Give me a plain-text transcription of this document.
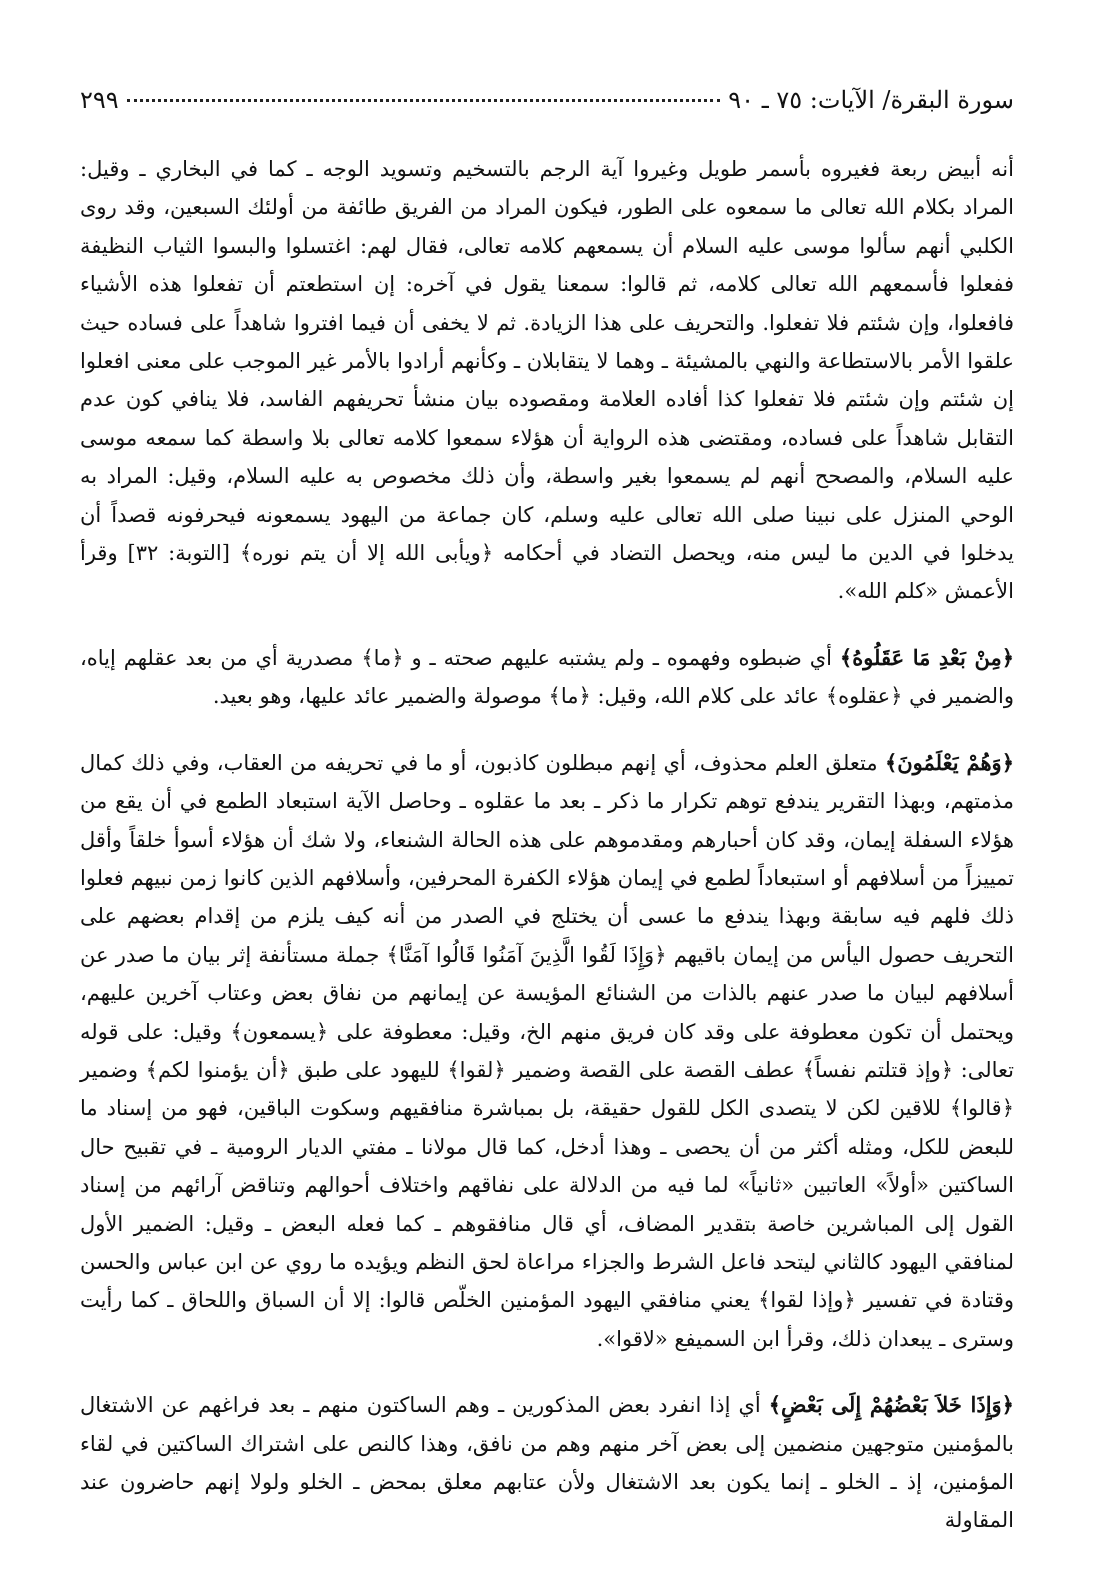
سورة البقرة/ الآيات: ٧٥ ـ ٩٠
٢٩٩

أنه أبيض ربعة فغيروه بأسمر طويل وغيروا آية الرجم بالتسخيم وتسويد الوجه ـ كما في البخاري ـ وقيل: المراد بكلام الله تعالى ما سمعوه على الطور، فيكون المراد من الفريق طائفة من أولئك السبعين، وقد روى الكلبي أنهم سألوا موسى عليه السلام أن يسمعهم كلامه تعالى، فقال لهم: اغتسلوا والبسوا الثياب النظيفة ففعلوا فأسمعهم الله تعالى كلامه، ثم قالوا: سمعنا يقول في آخره: إن استطعتم أن تفعلوا هذه الأشياء فافعلوا، وإن شئتم فلا تفعلوا. والتحريف على هذا الزيادة. ثم لا يخفى أن فيما افتروا شاهداً على فساده حيث علقوا الأمر بالاستطاعة والنهي بالمشيئة ـ وهما لا يتقابلان ـ وكأنهم أرادوا بالأمر غير الموجب على معنى افعلوا إن شئتم وإن شئتم فلا تفعلوا كذا أفاده العلامة ومقصوده بيان منشأ تحريفهم الفاسد، فلا ينافي كون عدم التقابل شاهداً على فساده، ومقتضى هذه الرواية أن هؤلاء سمعوا كلامه تعالى بلا واسطة كما سمعه موسى عليه السلام، والمصحح أنهم لم يسمعوا بغير واسطة، وأن ذلك مخصوص به عليه السلام، وقيل: المراد به الوحي المنزل على نبينا صلى الله تعالى عليه وسلم، كان جماعة من اليهود يسمعونه فيحرفونه قصداً أن يدخلوا في الدين ما ليس منه، ويحصل التضاد في أحكامه ﴿ويأبى الله إلا أن يتم نوره﴾ [التوبة: ٣٢] وقرأ الأعمش «كلم الله».

﴿مِنْ بَعْدِ مَا عَقَلُوهُ﴾ أي ضبطوه وفهموه ـ ولم يشتبه عليهم صحته ـ و ﴿ما﴾ مصدرية أي من بعد عقلهم إياه، والضمير في ﴿عقلوه﴾ عائد على كلام الله، وقيل: ﴿ما﴾ موصولة والضمير عائد عليها، وهو بعيد.

﴿وَهُمْ يَعْلَمُونَ﴾ متعلق العلم محذوف، أي إنهم مبطلون كاذبون، أو ما في تحريفه من العقاب، وفي ذلك كمال مذمتهم، وبهذا التقرير يندفع توهم تكرار ما ذكر ـ بعد ما عقلوه ـ وحاصل الآية استبعاد الطمع في أن يقع من هؤلاء السفلة إيمان، وقد كان أحبارهم ومقدموهم على هذه الحالة الشنعاء، ولا شك أن هؤلاء أسوأ خلقاً وأقل تمييزاً من أسلافهم أو استبعاداً لطمع في إيمان هؤلاء الكفرة المحرفين، وأسلافهم الذين كانوا زمن نبيهم فعلوا ذلك فلهم فيه سابقة وبهذا يندفع ما عسى أن يختلج في الصدر من أنه كيف يلزم من إقدام بعضهم على التحريف حصول اليأس من إيمان باقيهم ﴿وَإِذَا لَقُوا الَّذِينَ آمَنُوا قَالُوا آمَنَّا﴾ جملة مستأنفة إثر بيان ما صدر عن أسلافهم لبيان ما صدر عنهم بالذات من الشنائع المؤيسة عن إيمانهم من نفاق بعض وعتاب آخرين عليهم، ويحتمل أن تكون معطوفة على وقد كان فريق منهم الخ، وقيل: معطوفة على ﴿يسمعون﴾ وقيل: على قوله تعالى: ﴿وإذ قتلتم نفساً﴾ عطف القصة على القصة وضمير ﴿لقوا﴾ لليهود على طبق ﴿أن يؤمنوا لكم﴾ وضمير ﴿قالوا﴾ للاقين لكن لا يتصدى الكل للقول حقيقة، بل بمباشرة منافقيهم وسكوت الباقين، فهو من إسناد ما للبعض للكل، ومثله أكثر من أن يحصى ـ وهذا أدخل، كما قال مولانا ـ مفتي الديار الرومية ـ في تقبيح حال الساكتين «أولاً» العاتبين «ثانياً» لما فيه من الدلالة على نفاقهم واختلاف أحوالهم وتناقض آرائهم من إسناد القول إلى المباشرين خاصة بتقدير المضاف، أي قال منافقوهم ـ كما فعله البعض ـ وقيل: الضمير الأول لمنافقي اليهود كالثاني ليتحد فاعل الشرط والجزاء مراعاة لحق النظم ويؤيده ما روي عن ابن عباس والحسن وقتادة في تفسير ﴿وإذا لقوا﴾ يعني منافقي اليهود المؤمنين الخلّص قالوا: إلا أن السباق واللحاق ـ كما رأيت وسترى ـ يبعدان ذلك، وقرأ ابن السميفع «لاقوا».

﴿وَإِذَا خَلاَ بَعْضُهُمْ إِلَى بَعْضٍ﴾ أي إذا انفرد بعض المذكورين ـ وهم الساكتون منهم ـ بعد فراغهم عن الاشتغال بالمؤمنين متوجهين منضمين إلى بعض آخر منهم وهم من نافق، وهذا كالنص على اشتراك الساكتين في لقاء المؤمنين، إذ ـ الخلو ـ إنما يكون بعد الاشتغال ولأن عتابهم معلق بمحض ـ الخلو ولولا إنهم حاضرون عند المقاولة
